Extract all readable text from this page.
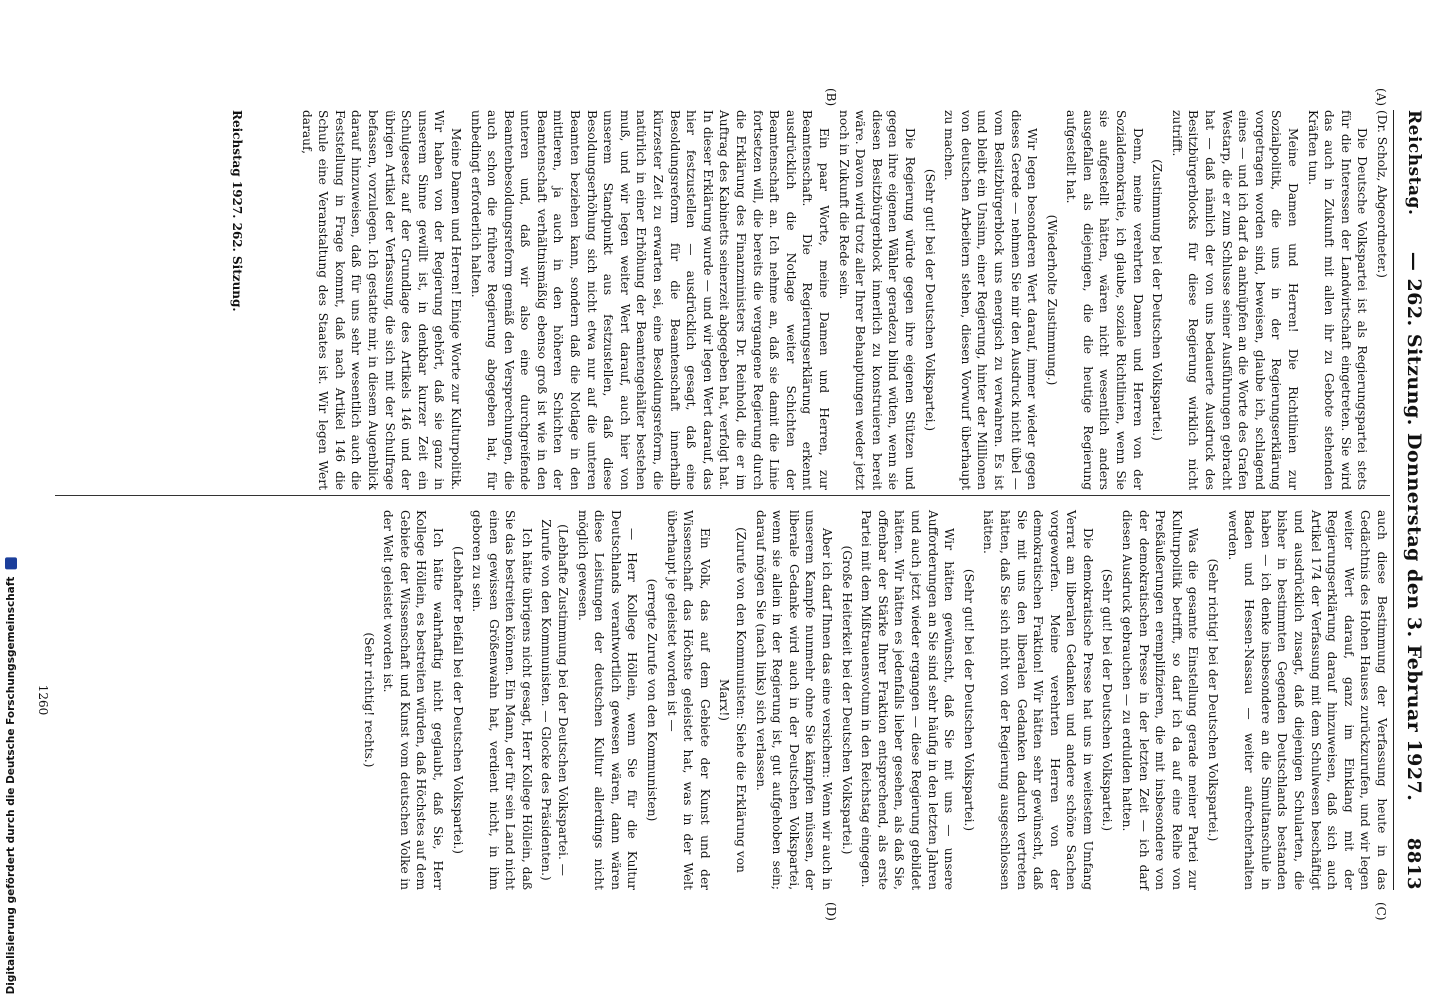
Reichstag.
— 262. Sitzung. Donnerstag den 3. Februar 1927.
8813
(A)
(B)
(C)
(D)

(Dr. Scholz, Abgeordneter.)

Die Deutsche Volkspartei ist als Regierungspartei stets für die Interessen der Landwirtschaft eingetreten. Sie wird das auch in Zukunft mit allen ihr zu Gebote stehenden Kräften tun.

Meine Damen und Herren! Die Richtlinien zur Sozialpolitik, die uns in der Regierungserklärung vorgetragen worden sind, beweisen, glaube ich, schlagend eines — und ich darf da anknüpfen an die Worte des Grafen Westarp, die er zum Schlusse seiner Ausführungen gebracht hat — daß nämlich der von uns bedauerte Ausdruck des Besitzbürgerblocks für diese Regierung wirklich nicht zutrifft.

(Zustimmung bei der Deutschen Volkspartei.)

Denn, meine verehrten Damen und Herren von der Sozialdemokratie, ich glaube, soziale Richtlinien, wenn Sie sie aufgestellt hätten, wären nicht wesentlich anders ausgefallen als diejenigen, die die heutige Regierung aufgestellt hat.

(Wiederholte Zustimmung.)

Wir legen besonderen Wert darauf, immer wieder gegen dieses Gerede — nehmen Sie mir den Ausdruck nicht übel — vom Besitzbürgerblock uns energisch zu verwahren. Es ist und bleibt ein Unsinn, einer Regierung, hinter der Millionen von deutschen Arbeitern stehen, diesen Vorwurf überhaupt zu machen.

(Sehr gut! bei der Deutschen Volkspartei.)

Die Regierung würde gegen ihre eigenen Stützen und gegen ihre eigenen Wähler geradezu blind wüten, wenn sie diesen Besitzbürgerblock innerlich zu konstruieren bereit wäre. Davon wird trotz aller Ihrer Behauptungen weder jetzt noch in Zukunft die Rede sein.

Ein paar Worte, meine Damen und Herren, zur Beamtenschaft. Die Regierungserklärung erkennt ausdrücklich die Notlage weiter Schichten der Beamtenschaft an. Ich nehme an, daß sie damit die Linie fortsetzen will, die bereits die vergangene Regierung durch die Erklärung des Finanzministers Dr. Reinhold, die er im Auftrag des Kabinetts seinerzeit abgegeben hat, verfolgt hat. In dieser Erklärung wurde — und wir legen Wert darauf, das hier festzustellen — ausdrücklich gesagt, daß eine Besoldungsreform für die Beamtenschaft innerhalb kürzester Zeit zu erwarten sei, eine Besoldungsreform, die natürlich in einer Erhöhung der Beamtengehälter bestehen muß, und wir legen weiter Wert darauf, auch hier von unserem Standpunkt aus festzustellen, daß diese Besoldungserhöhung sich nicht etwa nur auf die unteren Beamten beziehen kann, sondern daß die Notlage in den mittleren, ja auch in den höheren Schichten der Beamtenschaft verhältnismäßig ebenso groß ist wie in den unteren und, daß wir also eine durchgreifende Beamtenbesoldungsreform gemäß den Versprechungen, die auch schon die frühere Regierung abgegeben hat, für unbedingt erforderlich halten.

Meine Damen und Herren! Einige Worte zur Kulturpolitik. Wir haben von der Regierung gehört, daß sie ganz in unserem Sinne gewillt ist, in denkbar kurzer Zeit ein Schulgesetz auf der Grundlage des Artikels 146 und der übrigen Artikel der Verfassung, die sich mit der Schulfrage befassen, vorzulegen. Ich gestatte mir, in diesem Augenblick darauf hinzuweisen, daß für uns sehr wesentlich auch die Feststellung in Frage kommt, daß nach Artikel 146 die Schule eine Veranstaltung des Staates ist. Wir legen Wert darauf,

auch diese Bestimmung der Verfassung heute in das Gedächtnis des Hohen Hauses zurückzurufen, und wir legen weiter Wert darauf, ganz im Einklang mit der Regierungserklärung darauf hinzuweisen, daß sich auch Artikel 174 der Verfassung mit dem Schulwesen beschäftigt und ausdrücklich zusagt, daß diejenigen Schularten, die bisher in bestimmten Gegenden Deutschlands bestanden haben — ich denke insbesondere an die Simultanschule in Baden und Hessen-Nassau — weiter aufrechterhalten werden.

(Sehr richtig! bei der Deutschen Volkspartei.)

Was die gesamte Einstellung gerade meiner Partei zur Kulturpolitik betrifft, so darf ich da auf eine Reihe von Preßäußerungen eremplifizieren, die mit insbesondere von der demokratischen Presse in der letzten Zeit — ich darf diesen Ausdruck gebrauchen — zu erdulden hatten.

(Sehr gut! bei der Deutschen Volkspartei.)

Die demokratische Presse hat uns in weitestem Umfang Verrat am liberalen Gedanken und andere schöne Sachen vorgeworfen. Meine verehrten Herren von der demokratischen Fraktion! Wir hätten sehr gewünscht, daß Sie mit uns den liberalen Gedanken dadurch vertreten hätten, daß Sie sich nicht von der Regierung ausgeschlossen hätten.

(Sehr gut! bei der Deutschen Volkspartei.)

Wir hätten gewünscht, daß Sie mit uns — unsere Aufforderungen an Sie sind sehr häufig in den letzten Jahren und auch jetzt wieder ergangen — diese Regierung gebildet hätten. Wir hätten es jedenfalls lieber gesehen, als daß Sie, offenbar der Stärke Ihrer Fraktion entsprechend, als erste Partei mit dem Mißtrauensvotum in den Reichstag eingegen.

(Große Heiterkeit bei der Deutschen Volkspartei.)

Aber ich darf Ihnen das eine versichern: Wenn wir auch in unserem Kampfe nunmehr ohne Sie kämpfen müssen, der liberale Gedanke wird auch in der Deutschen Volkspartei, wenn sie allein in der Regierung ist, gut aufgehoben sein; darauf mögen Sie (nach links) sich verlassen.

(Zurufe von den Kommunisten: Siehe die Erklärung von Marx!)

Ein Volk, das auf dem Gebiete der Kunst und der Wissenschaft das Höchste geleistet hat, was in der Welt überhaupt je geleistet worden ist —

(erregte Zurufe von den Kommunisten)

— Herr Kollege Höllein, wenn Sie für die Kultur Deutschlands verantwortlich gewesen wären, dann wären diese Leistungen der deutschen Kultur allerdings nicht möglich gewesen.

(Lebhafte Zustimmung bei der Deutschen Volkspartei. — Zurufe von den Kommunisten. — Glocke des Präsidenten.)

Ich hätte übrigens nicht gesagt, Herr Kollege Höllein, daß Sie das bestreiten können. Ein Mann, der für sein Land nicht einen gewissen Größenwahn hat, verdient nicht, in ihm geboren zu sein.

(Lebhafter Beifall bei der Deutschen Volkspartei.)

Ich hätte wahrhaftig nicht geglaubt, daß Sie, Herr Kollege Höllein, es bestreiten würden, daß Höchstes auf dem Gebiete der Wissenschaft und Kunst vom deutschen Volke in der Welt geleistet worden ist.

(Sehr richtig! rechts.)

Reichstag 1927. 262. Sitzung.
1260
Digitalisierung gefördert durch die Deutsche Forschungsgemeinschaft
